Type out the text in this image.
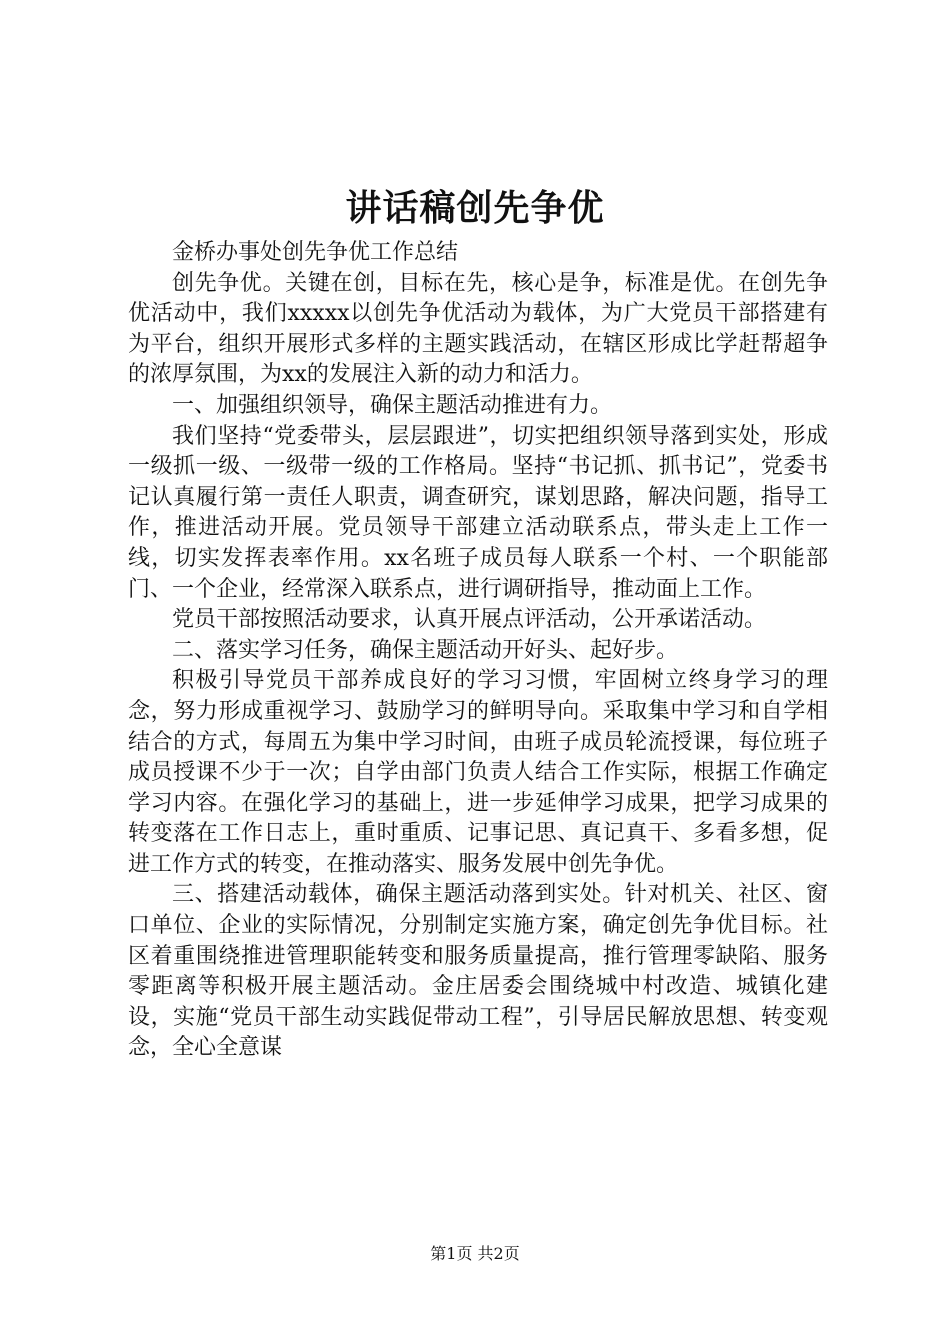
讲话稿创先争优

金桥办事处创先争优工作总结

创先争优。关键在创，目标在先，核心是争，标准是优。在创先争优活动中，我们xxxxx以创先争优活动为载体，为广大党员干部搭建有为平台，组织开展形式多样的主题实践活动，在辖区形成比学赶帮超争的浓厚氛围，为xx的发展注入新的动力和活力。

一、加强组织领导，确保主题活动推进有力。

我们坚持“党委带头，层层跟进”，切实把组织领导落到实处，形成一级抓一级、一级带一级的工作格局。坚持“书记抓、抓书记”，党委书记认真履行第一责任人职责，调查研究，谋划思路，解决问题，指导工作，推进活动开展。党员领导干部建立活动联系点，带头走上工作一线，切实发挥表率作用。xx名班子成员每人联系一个村、一个职能部门、一个企业，经常深入联系点，进行调研指导，推动面上工作。

党员干部按照活动要求，认真开展点评活动，公开承诺活动。

二、落实学习任务，确保主题活动开好头、起好步。

积极引导党员干部养成良好的学习习惯，牢固树立终身学习的理念，努力形成重视学习、鼓励学习的鲜明导向。采取集中学习和自学相结合的方式，每周五为集中学习时间，由班子成员轮流授课，每位班子成员授课不少于一次；自学由部门负责人结合工作实际，根据工作确定学习内容。在强化学习的基础上，进一步延伸学习成果，把学习成果的转变落在工作日志上，重时重质、记事记思、真记真干、多看多想，促进工作方式的转变，在推动落实、服务发展中创先争优。

三、搭建活动载体，确保主题活动落到实处。针对机关、社区、窗口单位、企业的实际情况，分别制定实施方案，确定创先争优目标。社区着重围绕推进管理职能转变和服务质量提高，推行管理零缺陷、服务零距离等积极开展主题活动。金庄居委会围绕城中村改造、城镇化建设，实施“党员干部生动实践促带动工程”，引导居民解放思想、转变观念，全心全意谋

第1页 共2页
